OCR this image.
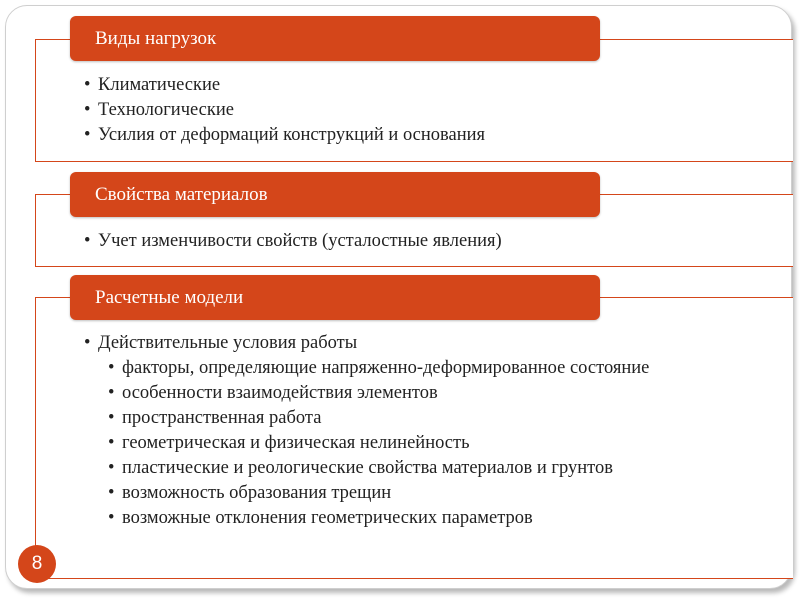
Виды нагрузок
• Климатические
• Технологические
• Усилия от деформаций конструкций и основания
Свойства материалов
• Учет изменчивости свойств (усталостные явления)
Расчетные модели
• Действительные условия работы
• факторы, определяющие напряженно-деформированное состояние
• особенности взаимодействия элементов
• пространственная работа
• геометрическая и физическая нелинейность
• пластические и реологические свойства материалов и грунтов
• возможность образования трещин
• возможные отклонения геометрических параметров
8
